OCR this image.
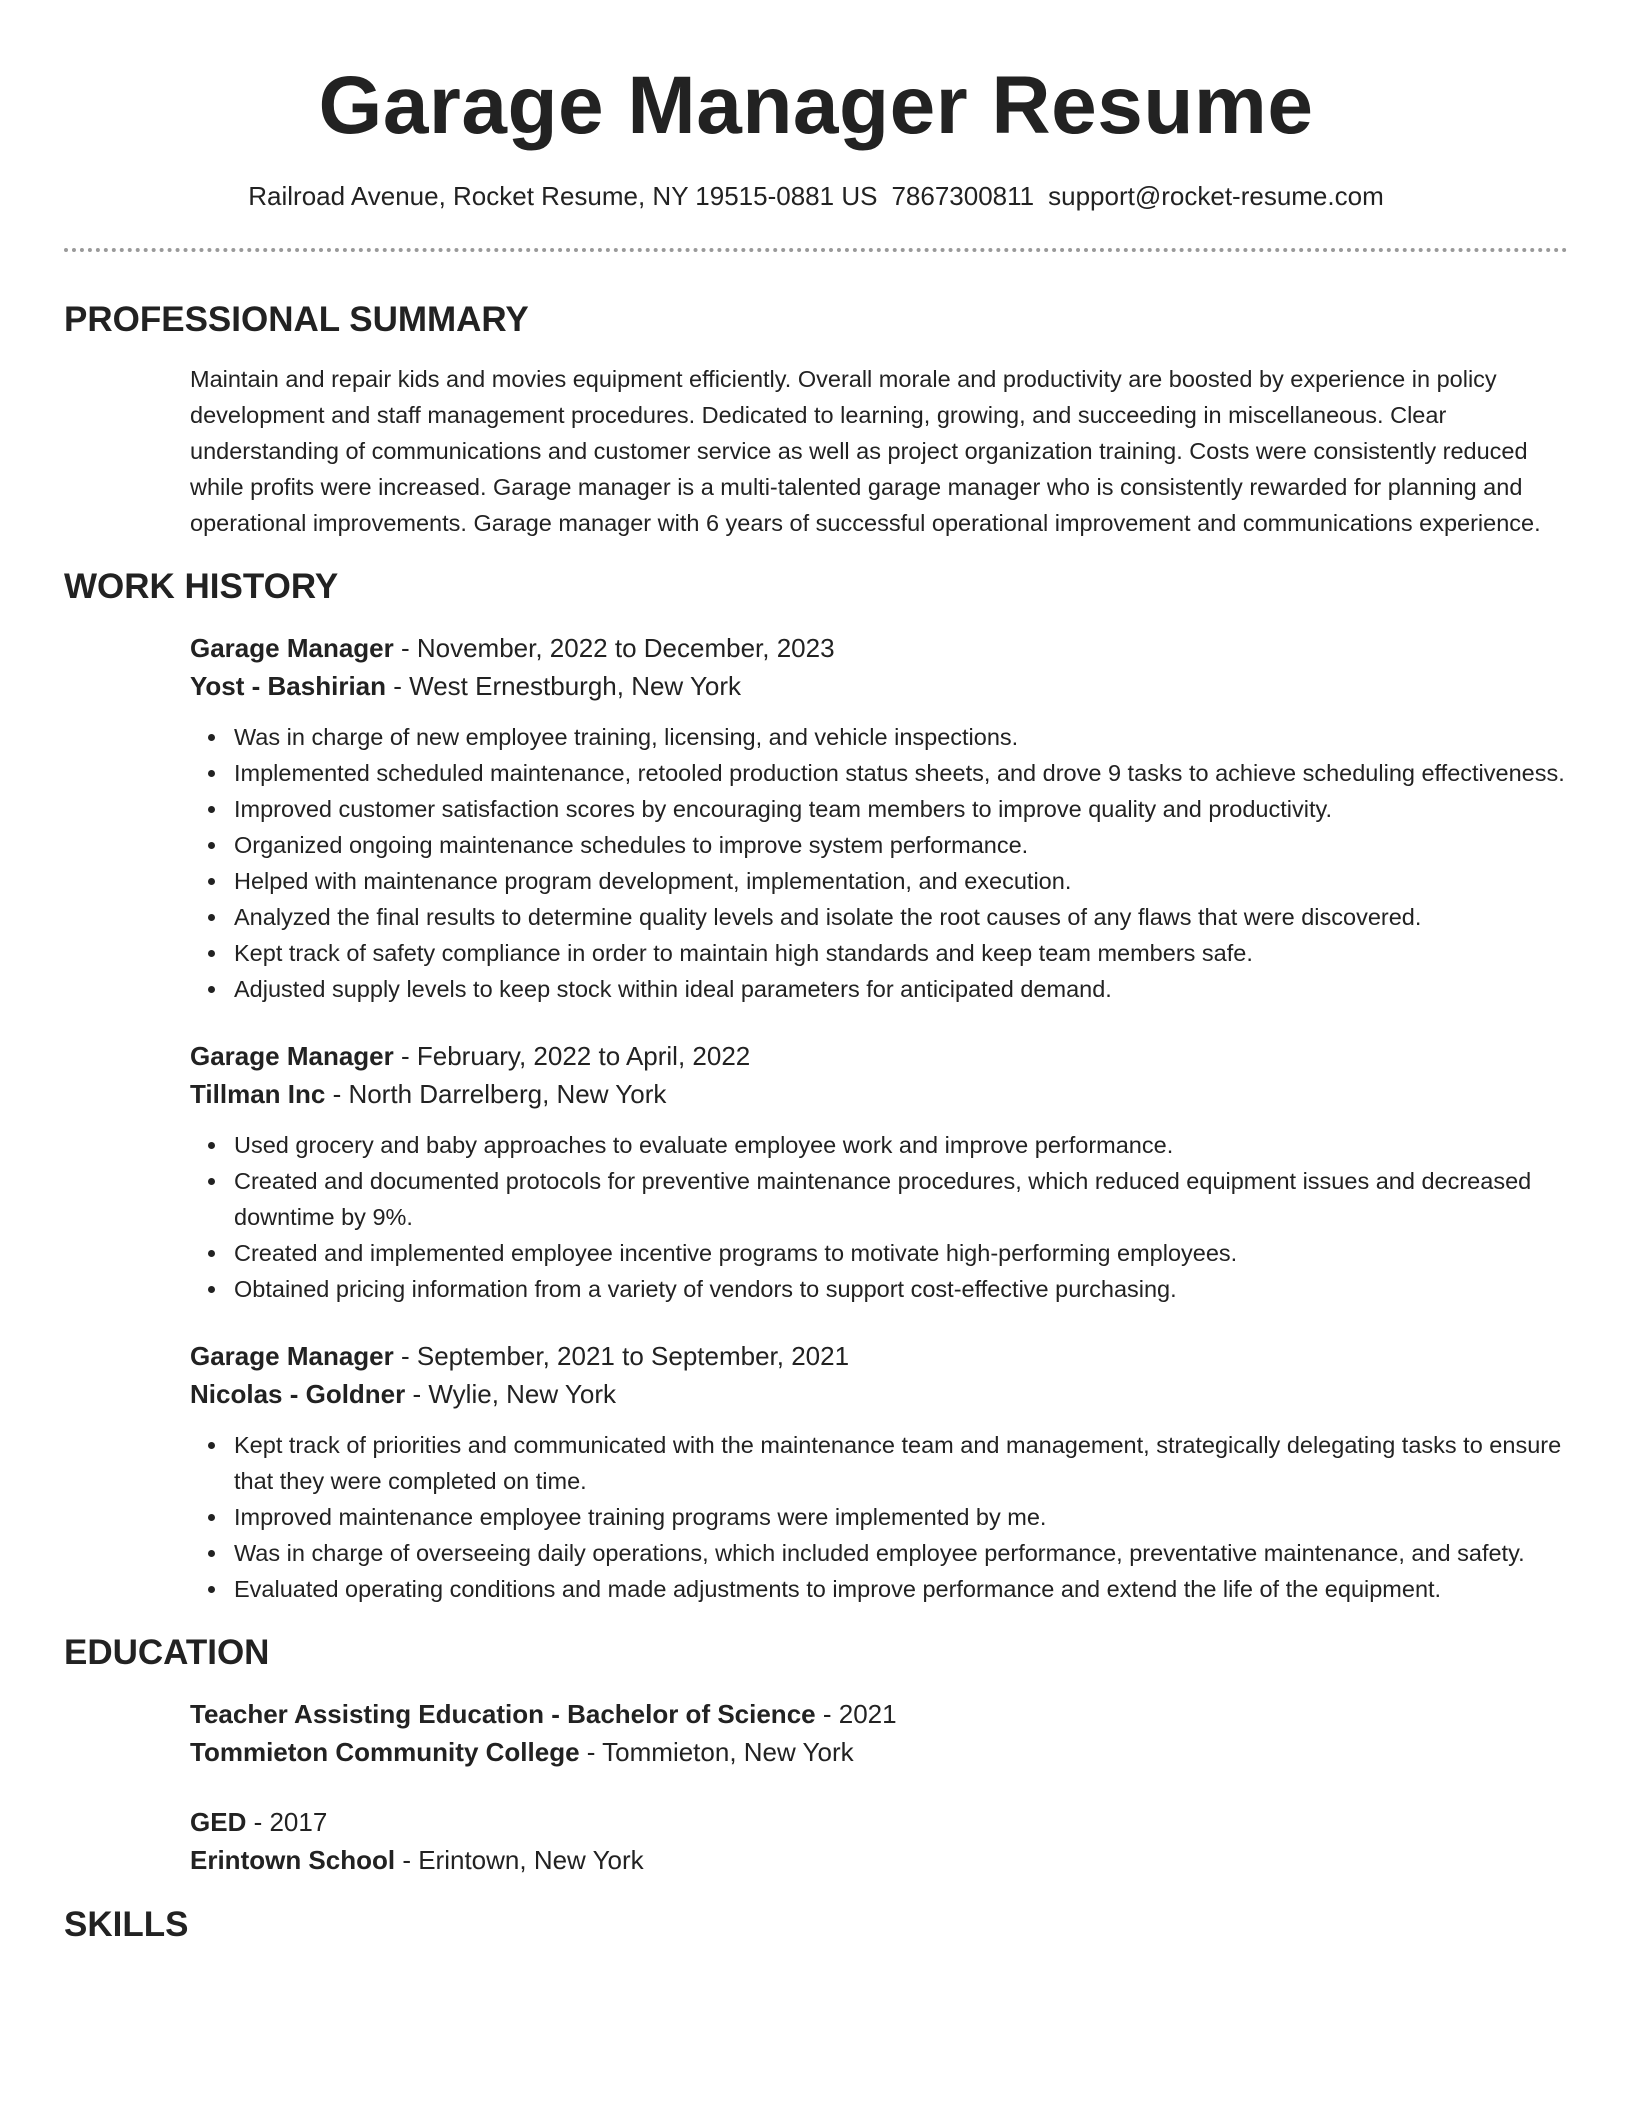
Garage Manager Resume
Railroad Avenue, Rocket Resume, NY 19515-0881 US 7867300811 support@rocket-resume.com
PROFESSIONAL SUMMARY

Maintain and repair kids and movies equipment efficiently. Overall morale and productivity are boosted by experience in policy development and staff management procedures. Dedicated to learning, growing, and succeeding in miscellaneous. Clear understanding of communications and customer service as well as project organization training. Costs were consistently reduced while profits were increased. Garage manager is a multi-talented garage manager who is consistently rewarded for planning and operational improvements. Garage manager with 6 years of successful operational improvement and communications experience.

WORK HISTORY

Garage Manager - November, 2022 to December, 2023

Yost - Bashirian - West Ernestburgh, New York

Was in charge of new employee training, licensing, and vehicle inspections.
Implemented scheduled maintenance, retooled production status sheets, and drove 9 tasks to achieve scheduling effectiveness.
Improved customer satisfaction scores by encouraging team members to improve quality and productivity.
Organized ongoing maintenance schedules to improve system performance.
Helped with maintenance program development, implementation, and execution.
Analyzed the final results to determine quality levels and isolate the root causes of any flaws that were discovered.
Kept track of safety compliance in order to maintain high standards and keep team members safe.
Adjusted supply levels to keep stock within ideal parameters for anticipated demand.

Garage Manager - February, 2022 to April, 2022

Tillman Inc - North Darrelberg, New York

Used grocery and baby approaches to evaluate employee work and improve performance.
Created and documented protocols for preventive maintenance procedures, which reduced equipment issues and decreased downtime by 9%.
Created and implemented employee incentive programs to motivate high-performing employees.
Obtained pricing information from a variety of vendors to support cost-effective purchasing.

Garage Manager - September, 2021 to September, 2021

Nicolas - Goldner - Wylie, New York

Kept track of priorities and communicated with the maintenance team and management, strategically delegating tasks to ensure that they were completed on time.
Improved maintenance employee training programs were implemented by me.
Was in charge of overseeing daily operations, which included employee performance, preventative maintenance, and safety.
Evaluated operating conditions and made adjustments to improve performance and extend the life of the equipment.
EDUCATION

Teacher Assisting Education - Bachelor of Science - 2021

Tommieton Community College - Tommieton, New York

GED - 2017

Erintown School - Erintown, New York

SKILLS
